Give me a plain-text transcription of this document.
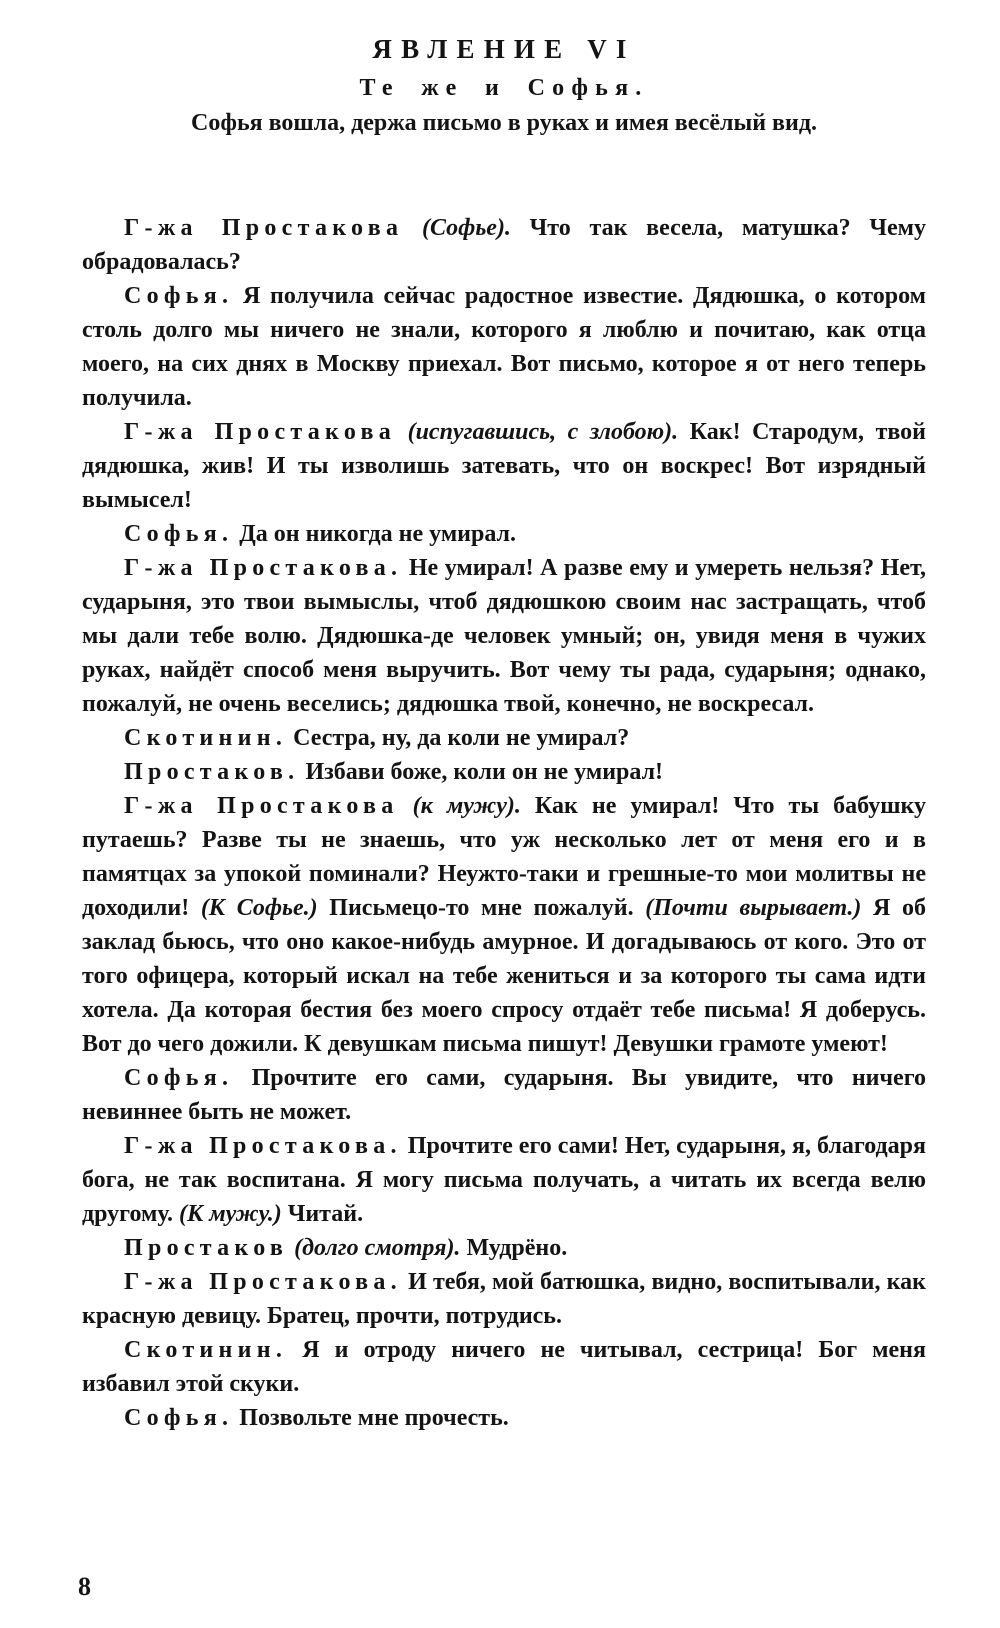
ЯВЛЕНИЕ VI
Те же и Софья.
Софья вошла, держа письмо в руках и имея весёлый вид.

Г-жа Простакова (Софье). Что так весела, матушка? Чему обрадовалась?

Софья. Я получила сейчас радостное известие. Дядюшка, о котором столь долго мы ничего не знали, которого я люблю и почитаю, как отца моего, на сих днях в Москву приехал. Вот письмо, которое я от него теперь получила.

Г-жа Простакова (испугавшись, с злобою). Как! Стародум, твой дядюшка, жив! И ты изволишь затевать, что он воскрес! Вот изрядный вымысел!

Софья. Да он никогда не умирал.

Г-жа Простакова. Не умирал! А разве ему и умереть нельзя? Нет, сударыня, это твои вымыслы, чтоб дядюшкою своим нас застращать, чтоб мы дали тебе волю. Дядюшка-де человек умный; он, увидя меня в чужих руках, найдёт способ меня выручить. Вот чему ты рада, сударыня; однако, пожалуй, не очень веселись; дядюшка твой, конечно, не воскресал.

Скотинин. Сестра, ну, да коли не умирал?

Простаков. Избави боже, коли он не умирал!

Г-жа Простакова (к мужу). Как не умирал! Что ты бабушку путаешь? Разве ты не знаешь, что уж несколько лет от меня его и в памятцах за упокой поминали? Неужто-таки и грешные-то мои молитвы не доходили! (К Софье.) Письмецо-то мне пожалуй. (Почти вырывает.) Я об заклад бьюсь, что оно какое-нибудь амурное. И догадываюсь от кого. Это от того офицера, который искал на тебе жениться и за которого ты сама идти хотела. Да которая бестия без моего спросу отдаёт тебе письма! Я доберусь. Вот до чего дожили. К девушкам письма пишут! Девушки грамоте умеют!

Софья. Прочтите его сами, сударыня. Вы увидите, что ничего невиннее быть не может.

Г-жа Простакова. Прочтите его сами! Нет, сударыня, я, благодаря бога, не так воспитана. Я могу письма получать, а читать их всегда велю другому. (К мужу.) Читай.

Простаков (долго смотря). Мудрёно.

Г-жа Простакова. И тебя, мой батюшка, видно, воспитывали, как красную девицу. Братец, прочти, потрудись.

Скотинин. Я и отроду ничего не читывал, сестрица! Бог меня избавил этой скуки.

Софья. Позвольте мне прочесть.

8
